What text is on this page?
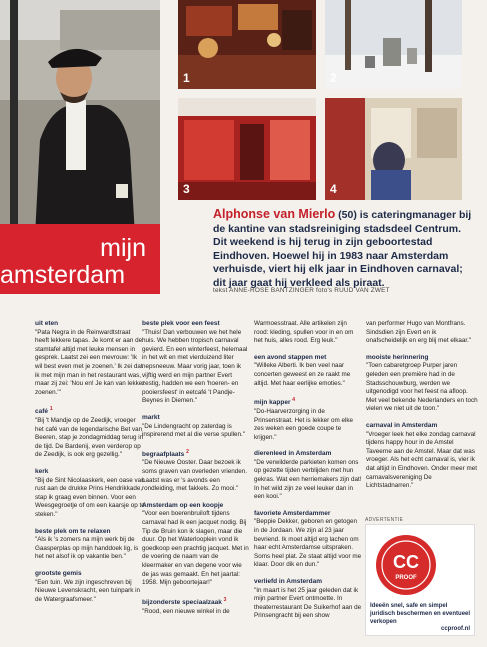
1	2
3	4
mijn
amsterdam
Alphonse van Mierlo (50) is cateringmanager bij de kantine van stadsreiniging stadsdeel Centrum. Dit weekend is hij terug in zijn geboortestad Eindhoven. Hoewel hij in 1983 naar Amsterdam verhuisde, viert hij elk jaar in Eindhoven carnaval; dit jaar gaat hij verkleed als piraat.
tekst ANNE-ROSE BANTZINGER foto's RUUD VAN ZWET
uit eten

"Pata Negra in de Reinwardtstraat heeft lekkere tapas. Je komt er aan de stamtafel altijd met leuke mensen in gesprek. Laatst zei een mevrouw: 'Ik wil best even met je zoenen.' Ik zei dat ik met mijn man in het restaurant was, maar zij zei: 'Nou en! Je kan van lekker zoenen.'"

café $^1$

"Bij 't Mandje op de Zeedijk, vroeger het café van de legendarische Bet van Beeren, stap je zondagmiddag terug in de tijd. De Bardenij, even verderop op de Zeedijk, is ook erg gezellig."

kerk

"Bij de Sint Nicolaaskerk, een oase van rust aan de drukke Prins Hendrikkade, stap ik graag even binnen. Voor een Weesgegroetje of om een kaarsje op te steken."

beste plek om te relaxen

"Als ik 's zomers na mijn werk bij de Gaasperplas op mijn handdoek lig, is het net alsof ik op vakantie ben."

grootste gemis

"Een tuin. We zijn ingeschreven bij Nieuwe Levenskracht, een tuinpark in de Watergraafsmeer."

beste plek voor een feest

"Thuis! Dan verbouwen we het hele huis. We hebben tropisch carnaval gevierd. En een winterfeest, helemaal in het wit en met vierduizend liter nepsneeuw. Maar vorig jaar, toen ik vijftig werd en mijn partner Evert zestig, hadden we een 'hoeren- en pooiersfeest' in eetcafé 't Pandje-Beynes in Diemen."

markt

"De Lindengracht op zaterdag is inspirerend met al die verse spullen."

begraafplaats $^2$

"De Nieuwe Ooster. Daar bezoek ik soms graven van overleden vrienden. Laatst was er 's avonds een rondleiding, met fakkels. Zo mooi."

Amsterdam op een koopje

"Voor een boerenbruiloft tijdens carnaval had ik een jacquet nodig. Bij Tip de Bruin kon ik slagen, maar die duur. Op het Waterlooplein vond ik goedkoop een prachtig jacquet. Met in de voering de naam van de kleermaker en van degene voor wie de jas was gemaakt. En het jaartal: 1958. Mijn geboortejaar!"

bijzonderste speciaalzaak $^3$

"Rood, een nieuwe winkel in de

Warmoesstraat. Alle artikelen zijn rood: kleding, spullen voor in en om het huis, alles rood. Erg leuk."

een avond stappen met

"Willeke Alberti. Ik ben veel naar concerten geweest en ze raakt me altijd. Met haar eerlijke emoties."

mijn kapper $^4$

"Do-Haarverzorging in de Prinsenstraat. Het is lekker om elke zes weken een goede coupe te krijgen."

dierenleed in Amsterdam

"De verwilderde parkieten komen ons op gezette tijden verblijden met hun gekras. Wat een herriemakers zijn dat! In het wild zijn ze veel leuker dan in een kooi."

favoriete Amsterdammer

"Beppie Dekker, geboren en getogen in de Jordaan. We zijn al 23 jaar bevriend. Ik moet altijd erg lachen om haar echt Amsterdamse uitspraken. Soms heel plat. Ze staat altijd voor me klaar. Door dik en dun."

verliefd in Amsterdam

"In maart is het 25 jaar geleden dat ik mijn partner Evert ontmoette. In theaterrestaurant De Suikerhof aan de Prinsengracht bij een show

van performer Hugo van Montfrans. Sindsdien zijn Evert en ik onafscheidelijk en erg blij met elkaar."

mooiste herinnering

"Toen cabaretgroep Purper jaren geleden een première had in de Stadsschouwburg, werden we uitgenodigd voor het feest na afloop. Met veel bekende Nederlanders en toch vielen we niet uit de toon."

carnaval in Amsterdam

"Vroeger leek het elke zondag carnaval tijdens happy hour in de Amstel Taveerne aan de Amstel. Maar dat was vroeger. Als het echt carnaval is, vier ik dat altijd in Eindhoven. Onder meer met carnavalsvereniging De Lichtstadnarren."

ADVERTENTIE
CC
PROOF
Ideeën snel, safe en simpel juridisch beschermen en eventueel verkopen
ccproof.nl
